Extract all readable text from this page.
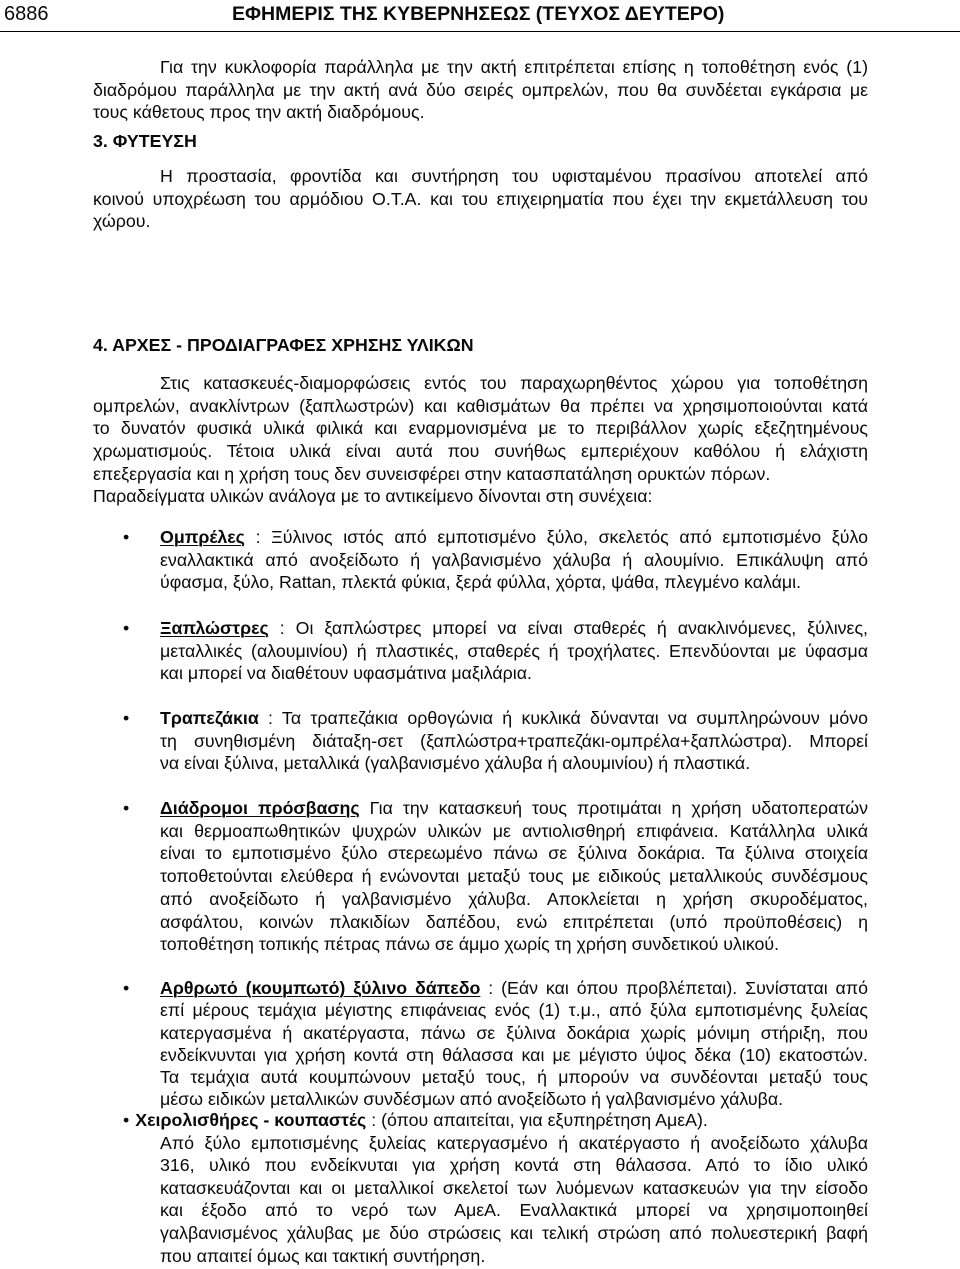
6886	ΕΦΗΜΕΡΙΣ ΤΗΣ ΚΥΒΕΡΝΗΣΕΩΣ (ΤΕΥΧΟΣ ΔΕΥΤΕΡΟ)
Για την κυκλοφορία παράλληλα με την ακτή επιτρέπεται επίσης η τοποθέτηση ενός (1)
διαδρόμου παράλληλα με την ακτή ανά δύο σειρές ομπρελών, που θα συνδέεται εγκάρσια με
τους κάθετους προς την ακτή διαδρόμους.
3. ΦΥΤΕΥΣΗ
Η προστασία, φροντίδα και συντήρηση του υφισταμένου πρασίνου αποτελεί από
κοινού υποχρέωση του αρμόδιου Ο.Τ.Α. και του επιχειρηματία που έχει την εκμετάλλευση του
χώρου.
4. ΑΡΧΕΣ - ΠΡΟΔΙΑΓΡΑΦΕΣ ΧΡΗΣΗΣ ΥΛΙΚΩΝ
Στις κατασκευές-διαμορφώσεις εντός του παραχωρηθέντος χώρου για τοποθέτηση
ομπρελών, ανακλίντρων (ξαπλωστρών) και καθισμάτων θα πρέπει να χρησιμοποιούνται κατά
το δυνατόν φυσικά υλικά φιλικά και εναρμονισμένα με το περιβάλλον χωρίς εξεζητημένους
χρωματισμούς. Τέτοια υλικά είναι αυτά που συνήθως εμπεριέχουν καθόλου ή ελάχιστη
επεξεργασία και η χρήση τους δεν συνεισφέρει στην κατασπατάληση ορυκτών πόρων.
Παραδείγματα υλικών ανάλογα με το αντικείμενο δίνονται στη συνέχεια:
• Ομπρέλες : Ξύλινος ιστός από εμποτισμένο ξύλο, σκελετός από εμποτισμένο ξύλο
εναλλακτικά από ανοξείδωτο ή γαλβανισμένο χάλυβα ή αλουμίνιο. Επικάλυψη από
ύφασμα, ξύλο, Rattan, πλεκτά φύκια, ξερά φύλλα, χόρτα, ψάθα, πλεγμένο καλάμι.
• Ξαπλώστρες : Οι ξαπλώστρες μπορεί να είναι σταθερές ή ανακλινόμενες, ξύλινες,
μεταλλικές (αλουμινίου) ή πλαστικές, σταθερές ή τροχήλατες. Επενδύονται με ύφασμα
και μπορεί να διαθέτουν υφασμάτινα μαξιλάρια.
• Τραπεζάκια : Τα τραπεζάκια ορθογώνια ή κυκλικά δύνανται να συμπληρώνουν μόνο
τη συνηθισμένη διάταξη-σετ (ξαπλώστρα+τραπεζάκι-ομπρέλα+ξαπλώστρα). Μπορεί
να είναι ξύλινα, μεταλλικά (γαλβανισμένο χάλυβα ή αλουμινίου) ή πλαστικά.
• Διάδρομοι πρόσβασης Για την κατασκευή τους προτιμάται η χρήση υδατοπερατών
και θερμοαπωθητικών ψυχρών υλικών με αντιολισθηρή επιφάνεια. Κατάλληλα υλικά
είναι το εμποτισμένο ξύλο στερεωμένο πάνω σε ξύλινα δοκάρια. Τα ξύλινα στοιχεία
τοποθετούνται ελεύθερα ή ενώνονται μεταξύ τους με ειδικούς μεταλλικούς συνδέσμους
από ανοξείδωτο ή γαλβανισμένο χάλυβα. Αποκλείεται η χρήση σκυροδέματος,
ασφάλτου, κοινών πλακιδίων δαπέδου, ενώ επιτρέπεται (υπό προϋποθέσεις) η
τοποθέτηση τοπικής πέτρας πάνω σε άμμο χωρίς τη χρήση συνδετικού υλικού.
• Αρθρωτό (κουμπωτό) ξύλινο δάπεδο : (Εάν και όπου προβλέπεται). Συνίσταται από
επί μέρους τεμάχια μέγιστης επιφάνειας ενός (1) τ.μ., από ξύλα εμποτισμένης ξυλείας
κατεργασμένα ή ακατέργαστα, πάνω σε ξύλινα δοκάρια χωρίς μόνιμη στήριξη, που
ενδείκνυνται για χρήση κοντά στη θάλασσα και με μέγιστο ύψος δέκα (10) εκατοστών.
Τα τεμάχια αυτά κουμπώνουν μεταξύ τους, ή μπορούν να συνδέονται μεταξύ τους
μέσω ειδικών μεταλλικών συνδέσμων από ανοξείδωτο ή γαλβανισμένο χάλυβα.
• Χειρολισθήρες - κουπαστές : (όπου απαιτείται, για εξυπηρέτηση ΑμεΑ).
Από ξύλο εμποτισμένης ξυλείας κατεργασμένο ή ακατέργαστο ή ανοξείδωτο χάλυβα
316, υλικό που ενδείκνυται για χρήση κοντά στη θάλασσα. Από το ίδιο υλικό
κατασκευάζονται και οι μεταλλικοί σκελετοί των λυόμενων κατασκευών για την είσοδο
και έξοδο από το νερό των ΑμεΑ. Εναλλακτικά μπορεί να χρησιμοποιηθεί
γαλβανισμένος χάλυβας με δύο στρώσεις και τελική στρώση από πολυεστερική βαφή
που απαιτεί όμως και τακτική συντήρηση.
